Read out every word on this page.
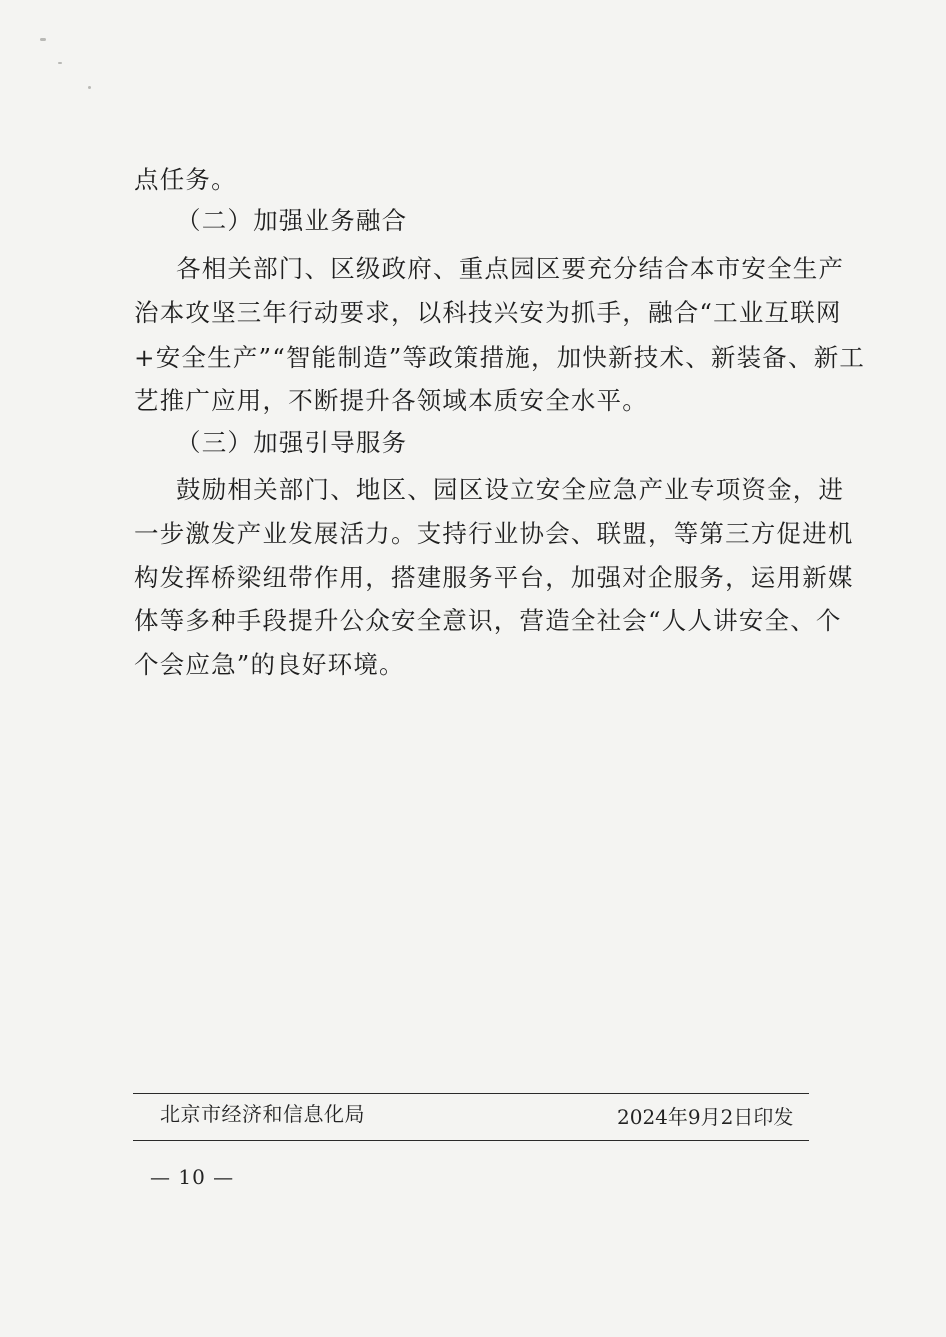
点任务。
（二）加强业务融合
各相关部门、区级政府、重点园区要充分结合本市安全生产
治本攻坚三年行动要求，以科技兴安为抓手，融合“工业互联网
+安全生产”“智能制造”等政策措施，加快新技术、新装备、新工
艺推广应用，不断提升各领域本质安全水平。
（三）加强引导服务
鼓励相关部门、地区、园区设立安全应急产业专项资金，进
一步激发产业发展活力。支持行业协会、联盟，等第三方促进机
构发挥桥梁纽带作用，搭建服务平台，加强对企服务，运用新媒
体等多种手段提升公众安全意识，营造全社会“人人讲安全、个
个会应急”的良好环境。
北京市经济和信息化局	2024年9月2日印发
— 10 —
